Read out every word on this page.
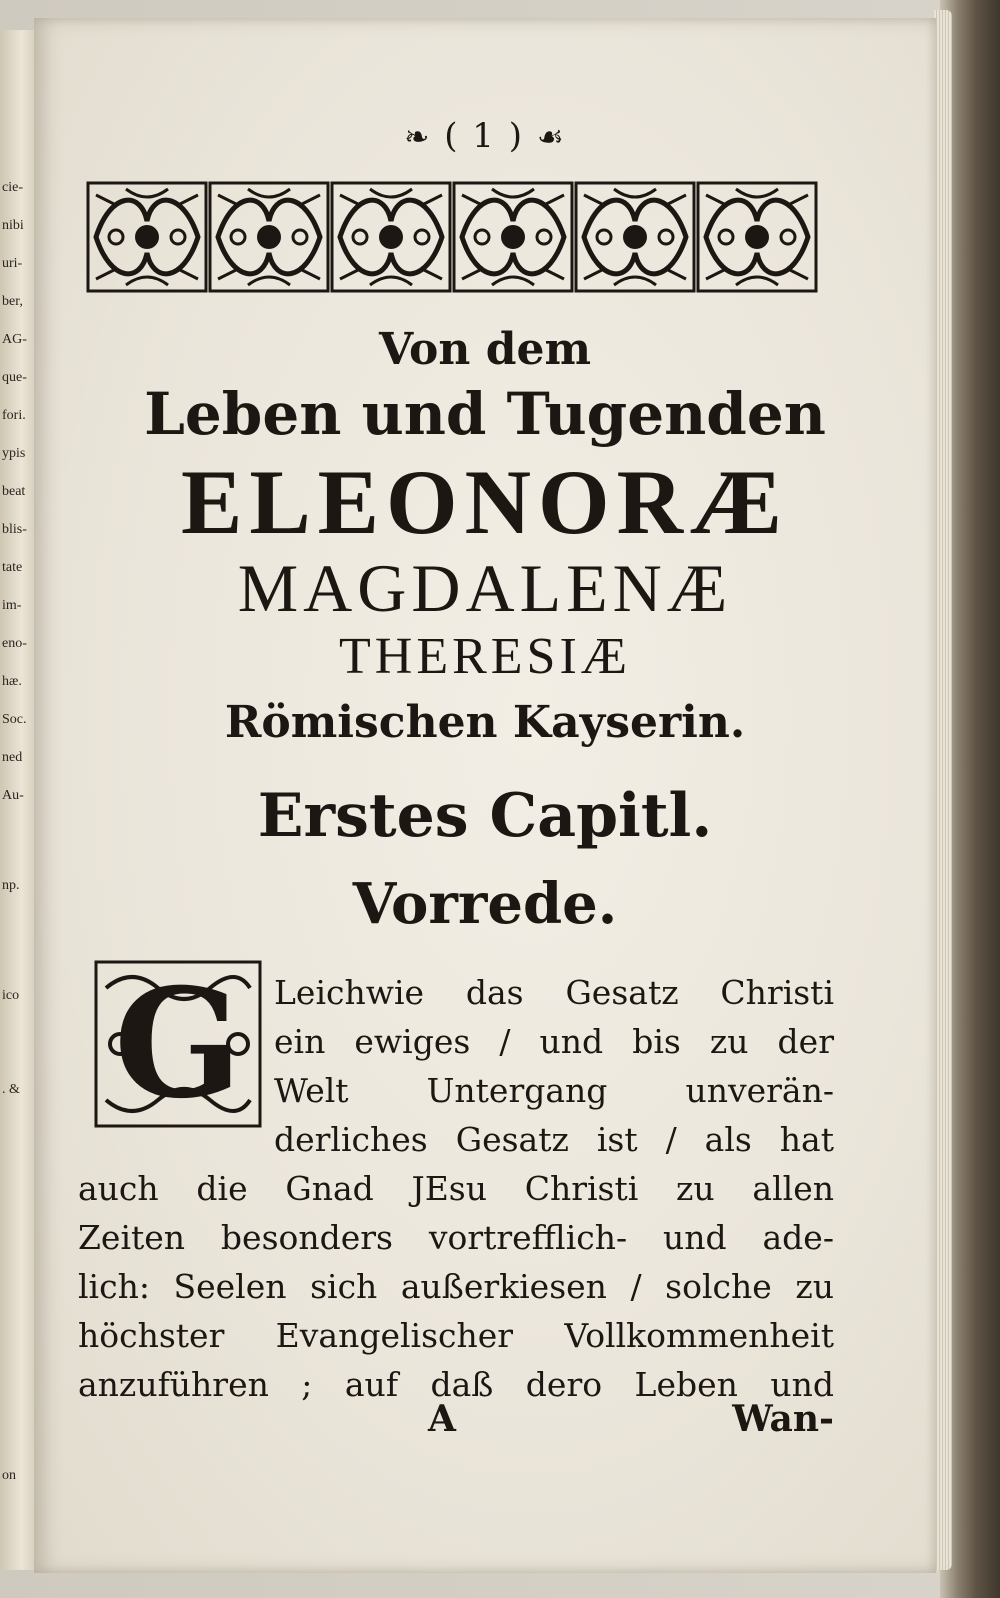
cie-
nibi
uri-
ber,
AG-
que-
fori.
ypis
beat
blis-
tate
im-
eno-
hæ.
Soc.
ned
Au-
np.
ico
. &
on
❧ ( 1 ) ☙
Von dem
Leben und Tugenden
ELEONORÆ
MAGDALENÆ
THERESIÆ
Römischen Kayserin.
Erstes Capitl.
Vorrede.
G Leichwie das Gesatz Christi
ein ewiges / und bis zu der
Welt Untergang unverän-
derliches Gesatz ist / als hat
auch die Gnad JEsu Christi zu allen
Zeiten besonders vortrefflich- und ade-
lich: Seelen sich außerkiesen / solche zu
höchster Evangelischer Vollkommenheit
anzuführen ; auf daß dero Leben und
A	Wan-
